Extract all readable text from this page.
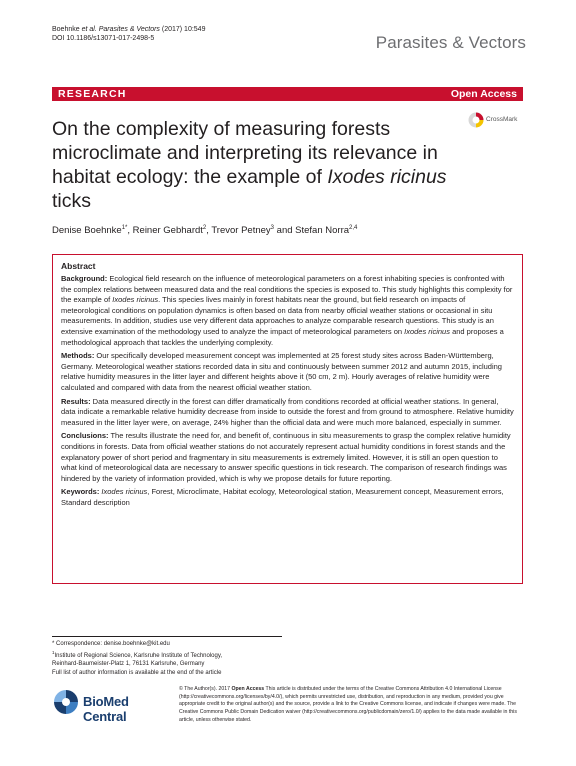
Boehnke et al. Parasites & Vectors (2017) 10:549
DOI 10.1186/s13071-017-2498-5	Parasites & Vectors
RESEARCH	Open Access
On the complexity of measuring forests microclimate and interpreting its relevance in habitat ecology: the example of Ixodes ricinus ticks
CrossMark
Denise Boehnke$^{1*}$, Reiner Gebhardt$^2$, Trevor Petney$^3$ and Stefan Norra$^{2,4}$
Abstract

Background: Ecological field research on the influence of meteorological parameters on a forest inhabiting species is confronted with the complex relations between measured data and the real conditions the species is exposed to. This study highlights this complexity for the example of Ixodes ricinus. This species lives mainly in forest habitats near the ground, but field research on impacts of meteorological conditions on population dynamics is often based on data from nearby official weather stations or occasional in situ measurements. In addition, studies use very different data approaches to analyze comparable research questions. This study is an extensive examination of the methodology used to analyze the impact of meteorological parameters on Ixodes ricinus and proposes a methodological approach that tackles the underlying complexity.

Methods: Our specifically developed measurement concept was implemented at 25 forest study sites across Baden-Württemberg, Germany. Meteorological weather stations recorded data in situ and continuously between summer 2012 and autumn 2015, including relative humidity measures in the litter layer and different heights above it (50 cm, 2 m). Hourly averages of relative humidity were calculated and compared with data from the nearest official weather station.

Results: Data measured directly in the forest can differ dramatically from conditions recorded at official weather stations. In general, data indicate a remarkable relative humidity decrease from inside to outside the forest and from ground to atmosphere. Relative humidity measured in the litter layer were, on average, 24% higher than the official data and were much more balanced, especially in summer.

Conclusions: The results illustrate the need for, and benefit of, continuous in situ measurements to grasp the complex relative humidity conditions in forests. Data from official weather stations do not accurately represent actual humidity conditions in forest stands and the explanatory power of short period and fragmentary in situ measurements is extremely limited. However, it is still an open question to what kind of meteorological data are necessary to answer specific questions in tick research. The comparison of research findings was hindered by the variety of information provided, which is why we propose details for future reporting.

Keywords: Ixodes ricinus, Forest, Microclimate, Habitat ecology, Meteorological station, Measurement concept, Measurement errors, Standard description

* Correspondence: denise.boehnke@kit.edu
$^1$Institute of Regional Science, Karlsruhe Institute of Technology,
Reinhard-Baumeister-Platz 1, 76131 Karlsruhe, Germany
Full list of author information is available at the end of the article
BioMed Central
© The Author(s). 2017 Open Access This article is distributed under the terms of the Creative Commons Attribution 4.0 International License (http://creativecommons.org/licenses/by/4.0/), which permits unrestricted use, distribution, and reproduction in any medium, provided you give appropriate credit to the original author(s) and the source, provide a link to the Creative Commons license, and indicate if changes were made. The Creative Commons Public Domain Dedication waiver (http://creativecommons.org/publicdomain/zero/1.0/) applies to the data made available in this article, unless otherwise stated.
